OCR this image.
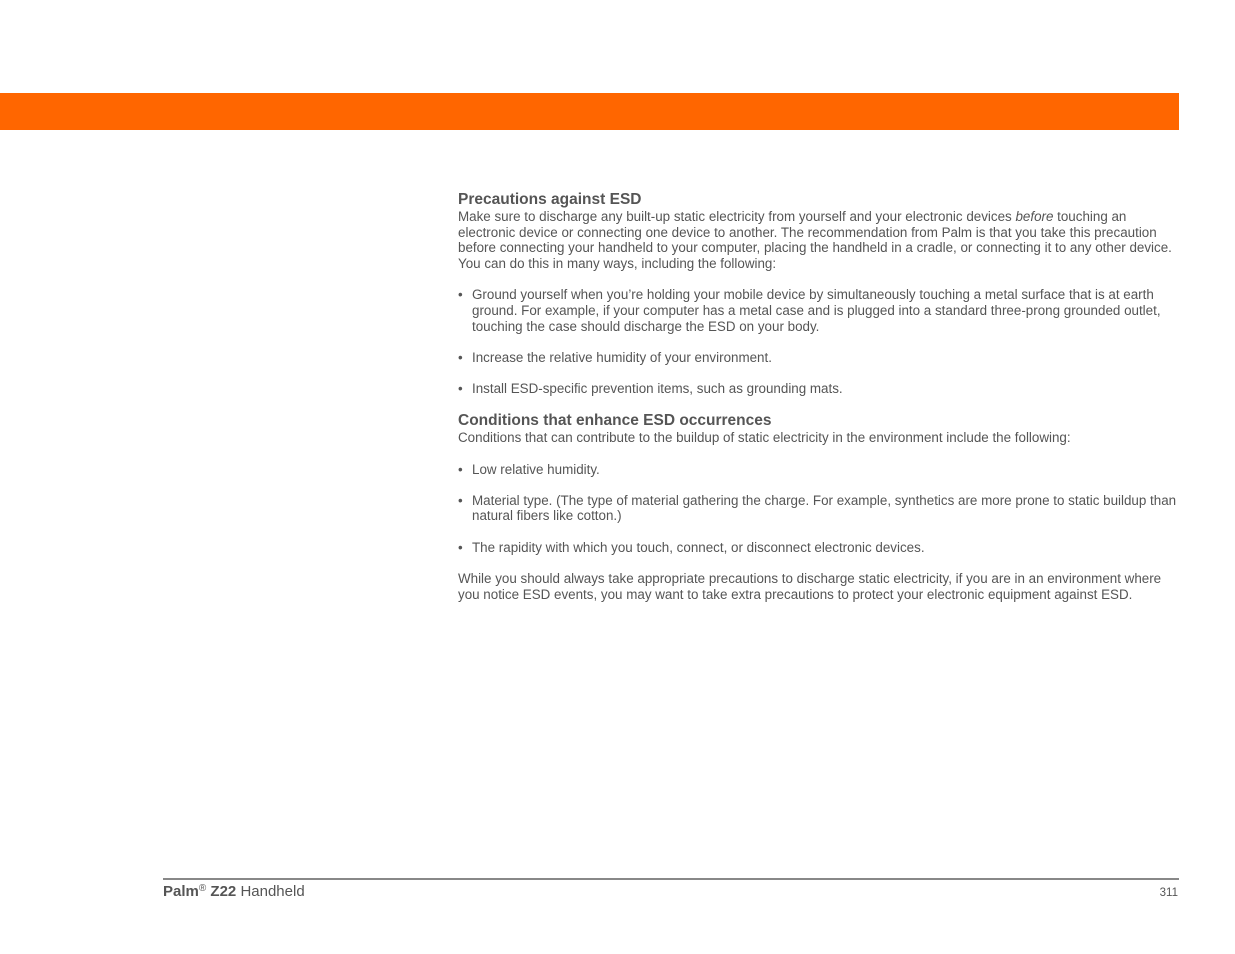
Precautions against ESD

Make sure to discharge any built-up static electricity from yourself and your electronic devices before touching an electronic device or connecting one device to another. The recommendation from Palm is that you take this precaution before connecting your handheld to your computer, placing the handheld in a cradle, or connecting it to any other device. You can do this in many ways, including the following:

• Ground yourself when you’re holding your mobile device by simultaneously touching a metal surface that is at earth ground. For example, if your computer has a metal case and is plugged into a standard three-prong grounded outlet, touching the case should discharge the ESD on your body.
• Increase the relative humidity of your environment.
• Install ESD-specific prevention items, such as grounding mats.
Conditions that enhance ESD occurrences

Conditions that can contribute to the buildup of static electricity in the environment include the following:

• Low relative humidity.
• Material type. (The type of material gathering the charge. For example, synthetics are more prone to static buildup than natural fibers like cotton.)
• The rapidity with which you touch, connect, or disconnect electronic devices.

While you should always take appropriate precautions to discharge static electricity, if you are in an environment where you notice ESD events, you may want to take extra precautions to protect your electronic equipment against ESD.

Palm® Z22 Handheld	311
